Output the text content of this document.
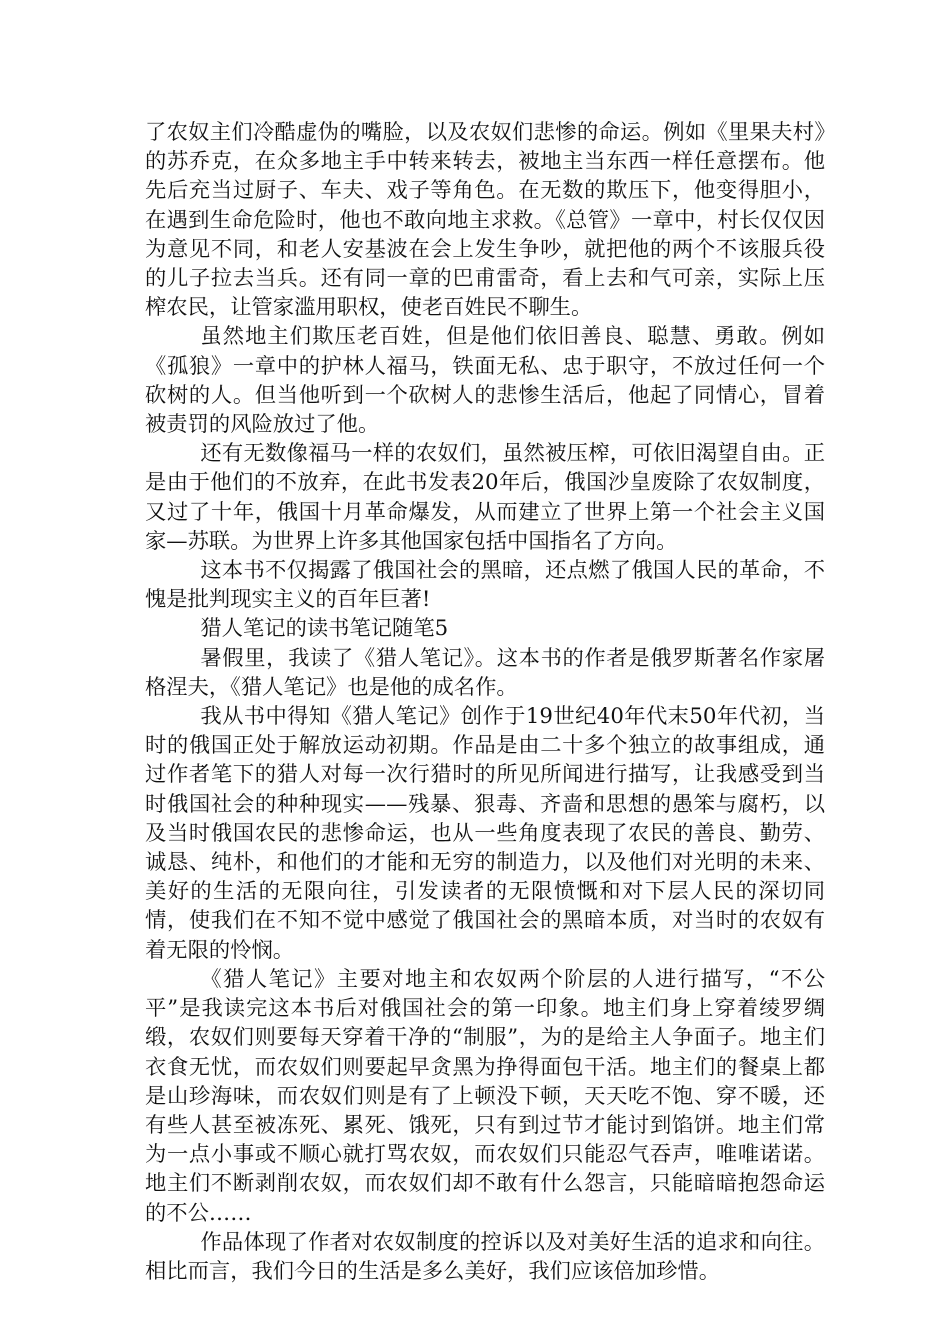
了农奴主们冷酷虚伪的嘴脸，以及农奴们悲惨的命运。例如《里果夫村》的苏乔克，在众多地主手中转来转去，被地主当东西一样任意摆布。他先后充当过厨子、车夫、戏子等角色。在无数的欺压下，他变得胆小，在遇到生命危险时，他也不敢向地主求救。《总管》一章中，村长仅仅因为意见不同，和老人安基波在会上发生争吵，就把他的两个不该服兵役的儿子拉去当兵。还有同一章的巴甫雷奇，看上去和气可亲，实际上压榨农民，让管家滥用职权，使老百姓民不聊生。

虽然地主们欺压老百姓，但是他们依旧善良、聪慧、勇敢。例如《孤狼》一章中的护林人福马，铁面无私、忠于职守，不放过任何一个砍树的人。但当他听到一个砍树人的悲惨生活后，他起了同情心，冒着被责罚的风险放过了他。

还有无数像福马一样的农奴们，虽然被压榨，可依旧渴望自由。正是由于他们的不放弃，在此书发表20年后，俄国沙皇废除了农奴制度，又过了十年，俄国十月革命爆发，从而建立了世界上第一个社会主义国家—苏联。为世界上许多其他国家包括中国指名了方向。

这本书不仅揭露了俄国社会的黑暗，还点燃了俄国人民的革命，不愧是批判现实主义的百年巨著!

猎人笔记的读书笔记随笔5

暑假里，我读了《猎人笔记》。这本书的作者是俄罗斯著名作家屠格涅夫，《猎人笔记》也是他的成名作。

我从书中得知《猎人笔记》创作于19世纪40年代末50年代初，当时的俄国正处于解放运动初期。作品是由二十多个独立的故事组成，通过作者笔下的猎人对每一次行猎时的所见所闻进行描写，让我感受到当时俄国社会的种种现实——残暴、狠毒、齐啬和思想的愚笨与腐朽，以及当时俄国农民的悲惨命运，也从一些角度表现了农民的善良、勤劳、诚恳、纯朴，和他们的才能和无穷的制造力，以及他们对光明的未来、美好的生活的无限向往，引发读者的无限愤慨和对下层人民的深切同情，使我们在不知不觉中感觉了俄国社会的黑暗本质，对当时的农奴有着无限的怜悯。

《猎人笔记》主要对地主和农奴两个阶层的人进行描写，“不公平”是我读完这本书后对俄国社会的第一印象。地主们身上穿着绫罗绸缎，农奴们则要每天穿着干净的“制服”，为的是给主人争面子。地主们衣食无忧，而农奴们则要起早贪黑为挣得面包干活。地主们的餐桌上都是山珍海味，而农奴们则是有了上顿没下顿，天天吃不饱、穿不暖，还有些人甚至被冻死、累死、饿死，只有到过节才能讨到馅饼。地主们常为一点小事或不顺心就打骂农奴，而农奴们只能忍气吞声，唯唯诺诺。地主们不断剥削农奴，而农奴们却不敢有什么怨言，只能暗暗抱怨命运的不公……

作品体现了作者对农奴制度的控诉以及对美好生活的追求和向往。相比而言，我们今日的生活是多么美好，我们应该倍加珍惜。
